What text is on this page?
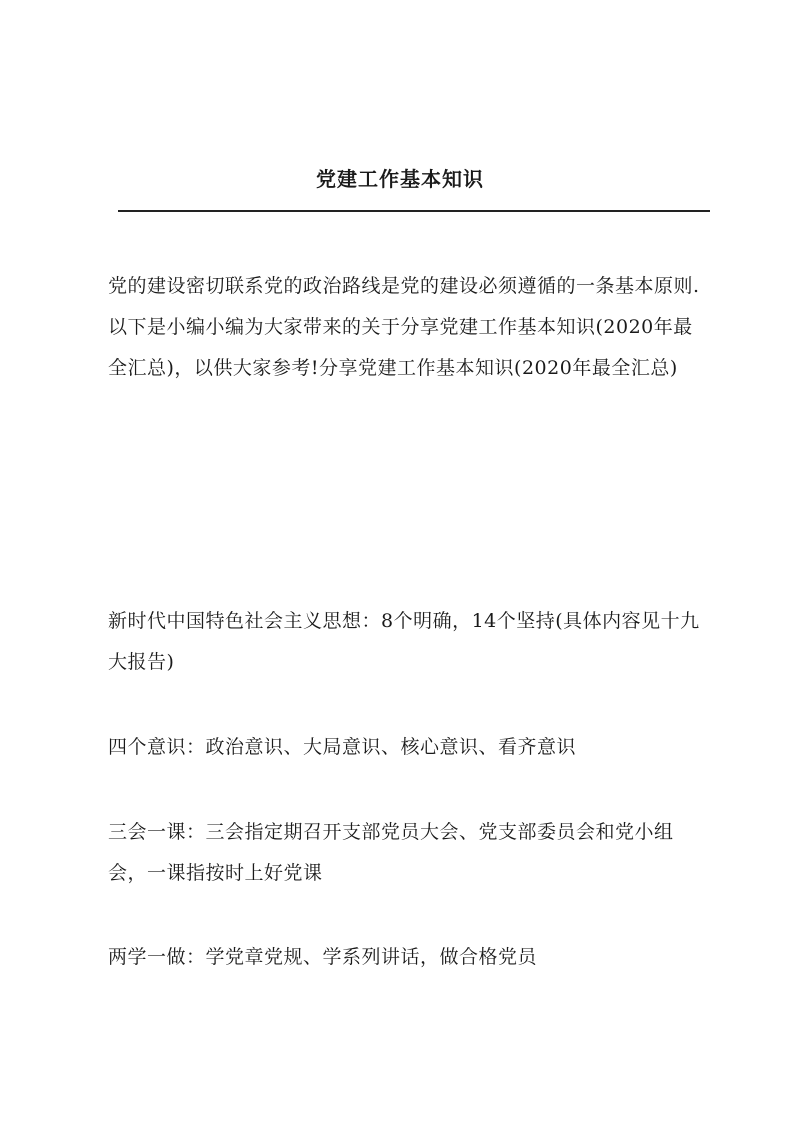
党建工作基本知识

党的建设密切联系党的政治路线是党的建设必须遵循的一条基本原则. 以下是小编小编为大家带来的关于分享党建工作基本知识(2020年最全汇总)，以供大家参考!分享党建工作基本知识(2020年最全汇总)

新时代中国特色社会主义思想：8个明确，14个坚持(具体内容见十九大报告)

四个意识：政治意识、大局意识、核心意识、看齐意识

三会一课：三会指定期召开支部党员大会、党支部委员会和党小组会，一课指按时上好党课

两学一做：学党章党规、学系列讲话，做合格党员
